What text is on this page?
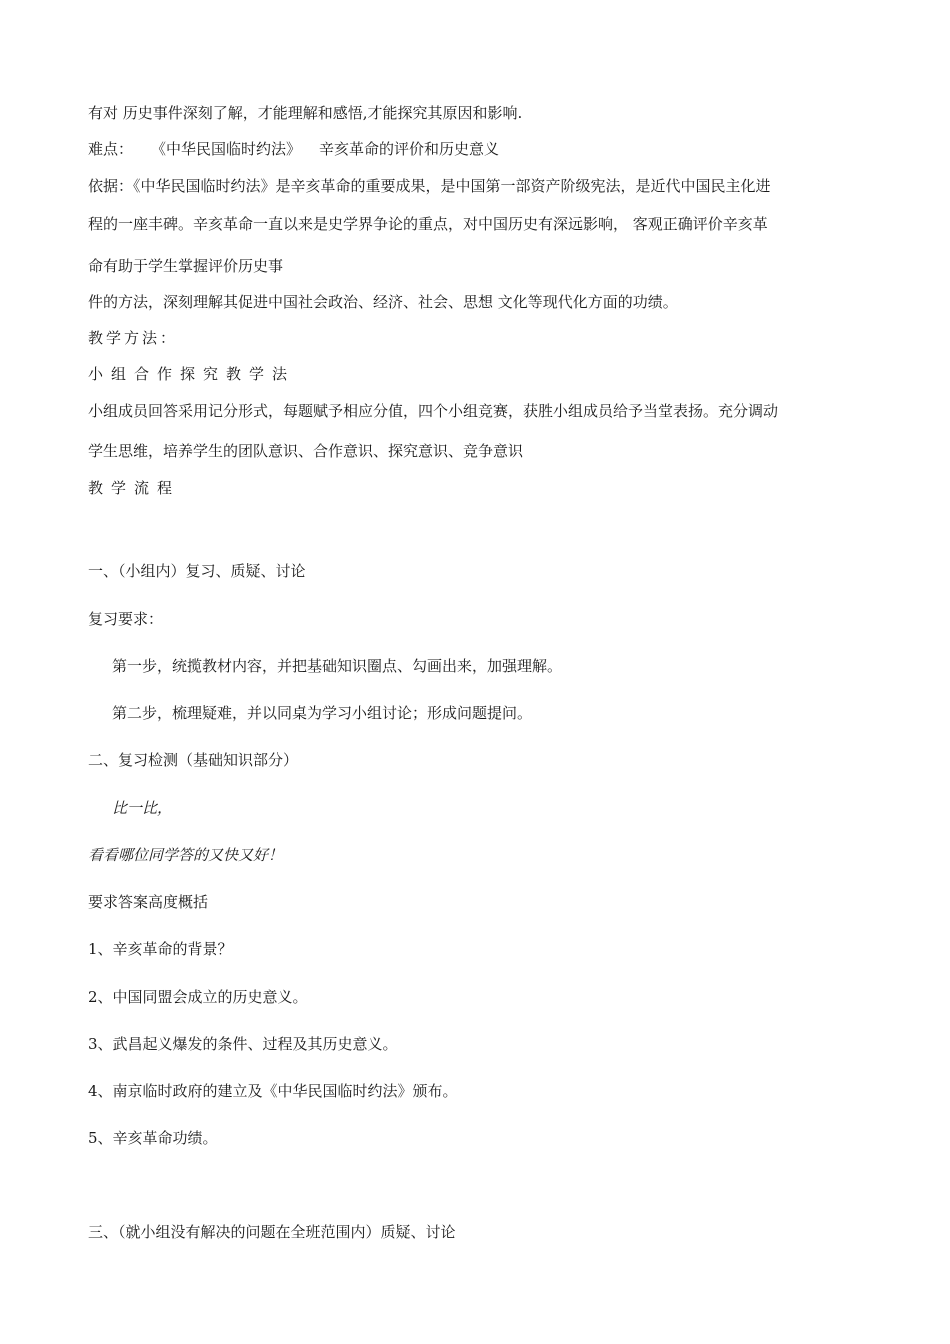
有对 历史事件深刻了解，才能理解和感悟,才能探究其原因和影响.
难点： 《中华民国临时约法》 辛亥革命的评价和历史意义
依据：《中华民国临时约法》是辛亥革命的重要成果，是中国第一部资产阶级宪法，是近代中国民主化进
程的一座丰碑。辛亥革命一直以来是史学界争论的重点，对中国历史有深远影响， 客观正确评价辛亥革
命有助于学生掌握评价历史事
件的方法，深刻理解其促进中国社会政治、经济、社会、思想 文化等现代化方面的功绩。
教学方法：
小组合作探究教学法
小组成员回答采用记分形式，每题赋予相应分值，四个小组竞赛，获胜小组成员给予当堂表扬。充分调动
学生思维，培养学生的团队意识、合作意识、探究意识、竞争意识
教学流程
一、（小组内）复习、质疑、讨论
复习要求：
第一步，统揽教材内容，并把基础知识圈点、勾画出来，加强理解。
第二步，梳理疑难，并以同桌为学习小组讨论；形成问题提问。
二、复习检测（基础知识部分）
比一比，
看看哪位同学答的又快又好！
要求答案高度概括
1、辛亥革命的背景？
2、中国同盟会成立的历史意义。
3、武昌起义爆发的条件、过程及其历史意义。
4、南京临时政府的建立及《中华民国临时约法》颁布。
5、辛亥革命功绩。
三、（就小组没有解决的问题在全班范围内）质疑、讨论
